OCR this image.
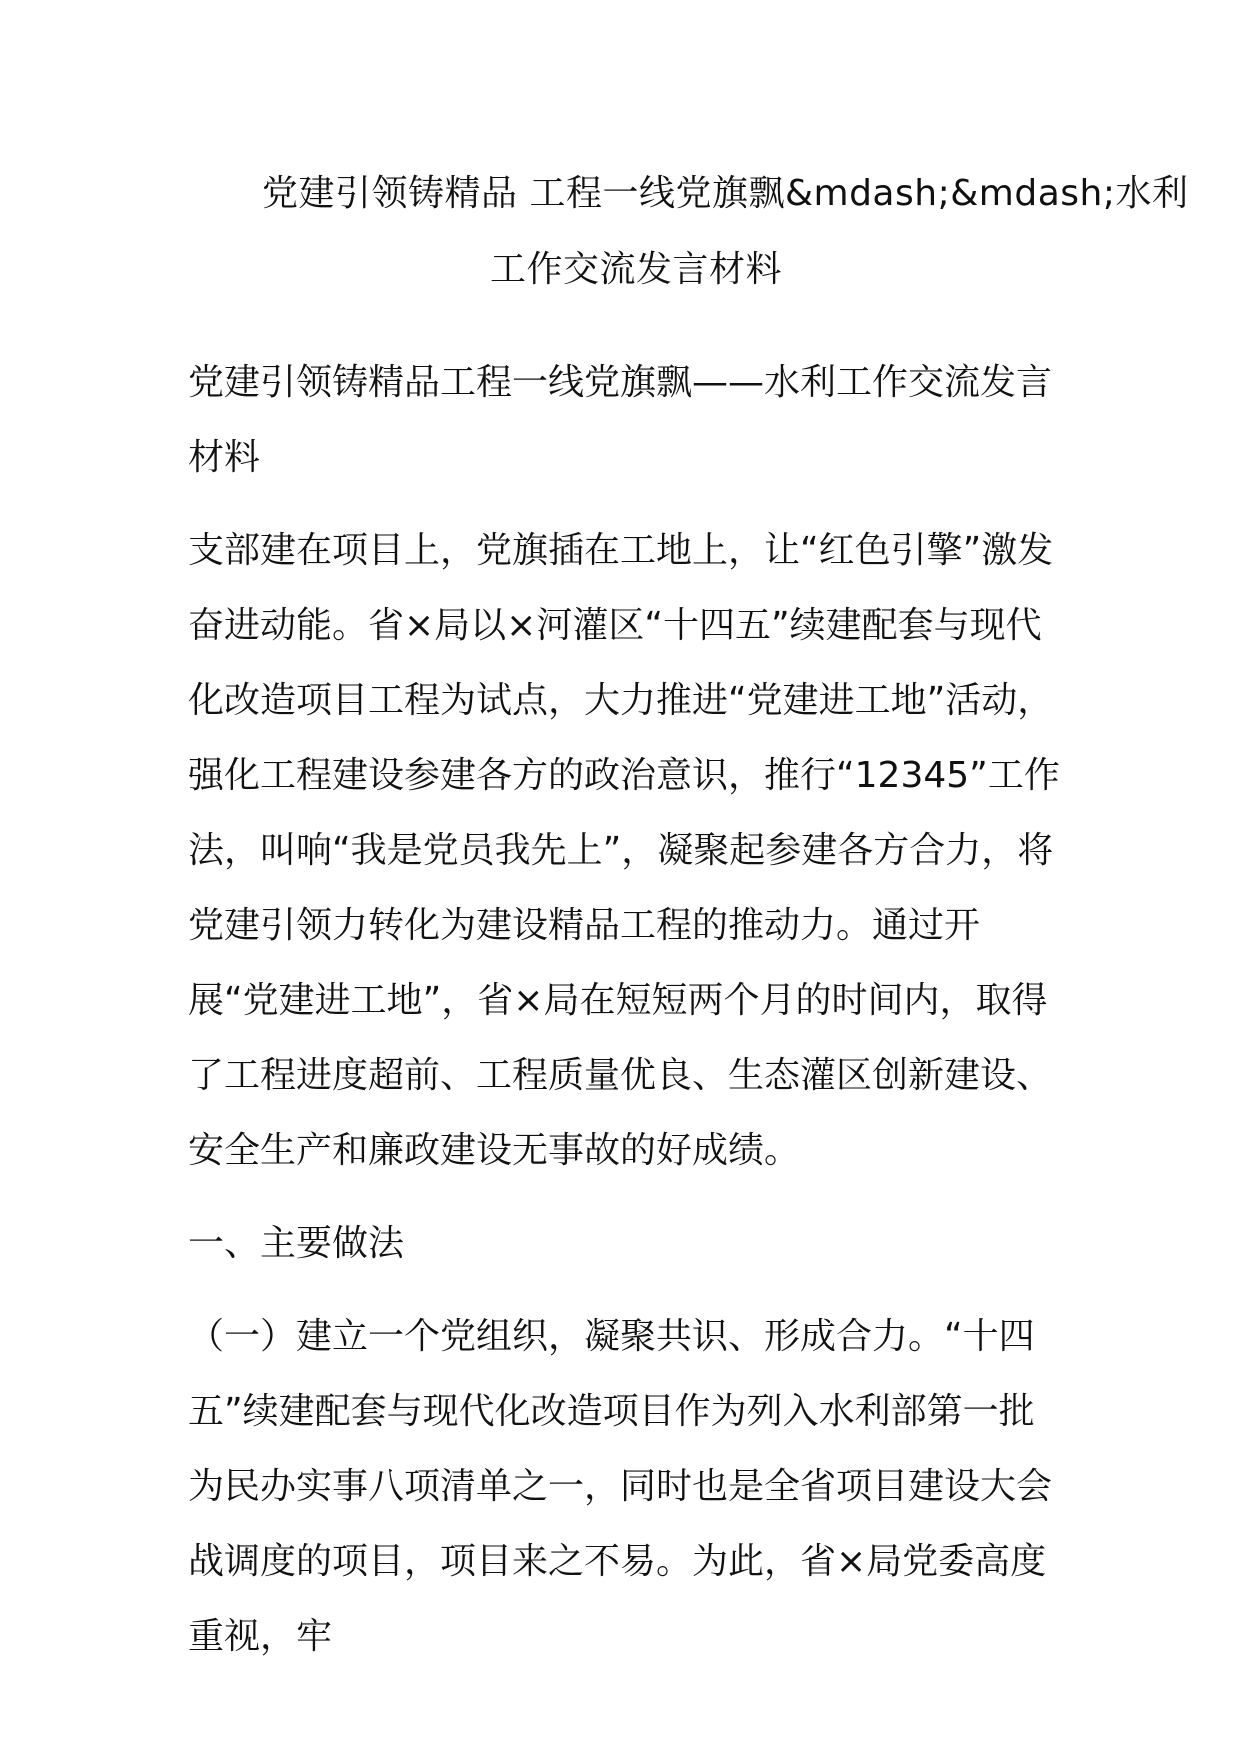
党建引领铸精品 工程一线党旗飘&mdash;&mdash;水利
工作交流发言材料

党建引领铸精品工程一线党旗飘——水利工作交流发言材料

支部建在项目上，党旗插在工地上，让“红色引擎”激发奋进动能。省×局以×河灌区“十四五”续建配套与现代化改造项目工程为试点，大力推进“党建进工地”活动，强化工程建设参建各方的政治意识，推行“12345”工作法，叫响“我是党员我先上”，凝聚起参建各方合力，将党建引领力转化为建设精品工程的推动力。通过开展“党建进工地”，省×局在短短两个月的时间内，取得了工程进度超前、工程质量优良、生态灌区创新建设、安全生产和廉政建设无事故的好成绩。

一、主要做法

（一）建立一个党组织，凝聚共识、形成合力。“十四五”续建配套与现代化改造项目作为列入水利部第一批为民办实事八项清单之一，同时也是全省项目建设大会战调度的项目，项目来之不易。为此，省×局党委高度重视，牢
